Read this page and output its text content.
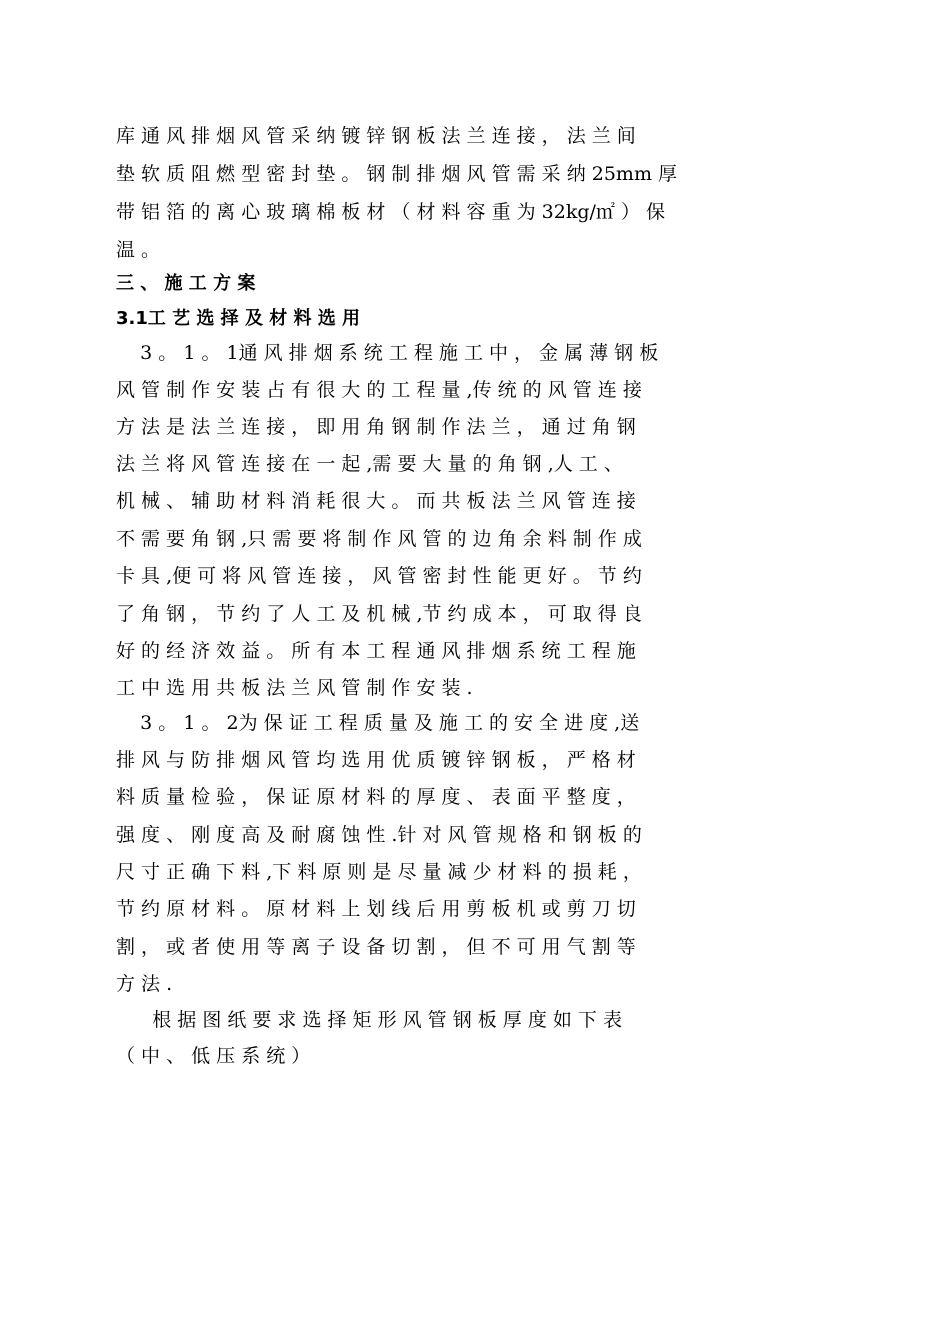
库 通 风 排 烟 风 管 采 纳 镀 锌 钢 板 法 兰 连 接 ， 法 兰 间
垫 软 质 阻 燃 型 密 封 垫 。 钢 制 排 烟 风 管 需 采 纳 25mm 厚
带 铝 箔 的 离 心 玻 璃 棉 板 材 （ 材 料 容 重 为 32kg/㎡ ） 保
温 。
三 、 施 工 方 案
3.1工 艺 选 择 及 材 料 选 用
3 。 1 。 1通 风 排 烟 系 统 工 程 施 工 中 ， 金 属 薄 钢 板
风 管 制 作 安 装 占 有 很 大 的 工 程 量 ,传 统 的 风 管 连 接
方 法 是 法 兰 连 接 ， 即 用 角 钢 制 作 法 兰 ， 通 过 角 钢
法 兰 将 风 管 连 接 在 一 起 ,需 要 大 量 的 角 钢 ,人 工 、
机 械 、 辅 助 材 料 消 耗 很 大 。 而 共 板 法 兰 风 管 连 接
不 需 要 角 钢 ,只 需 要 将 制 作 风 管 的 边 角 余 料 制 作 成
卡 具 ,便 可 将 风 管 连 接 ， 风 管 密 封 性 能 更 好 。 节 约
了 角 钢 ， 节 约 了 人 工 及 机 械 ,节 约 成 本 ， 可 取 得 良
好 的 经 济 效 益 。 所 有 本 工 程 通 风 排 烟 系 统 工 程 施
工 中 选 用 共 板 法 兰 风 管 制 作 安 装 .
3 。 1 。 2为 保 证 工 程 质 量 及 施 工 的 安 全 进 度 ,送
排 风 与 防 排 烟 风 管 均 选 用 优 质 镀 锌 钢 板 ， 严 格 材
料 质 量 检 验 ， 保 证 原 材 料 的 厚 度 、 表 面 平 整 度 ，
强 度 、 刚 度 高 及 耐 腐 蚀 性 .针 对 风 管 规 格 和 钢 板 的
尺 寸 正 确 下 料 ,下 料 原 则 是 尽 量 减 少 材 料 的 损 耗 ，
节 约 原 材 料 。 原 材 料 上 划 线 后 用 剪 板 机 或 剪 刀 切
割 ， 或 者 使 用 等 离 子 设 备 切 割 ， 但 不 可 用 气 割 等
方 法 .
根 据 图 纸 要 求 选 择 矩 形 风 管 钢 板 厚 度 如 下 表
（ 中 、 低 压 系 统 ）
